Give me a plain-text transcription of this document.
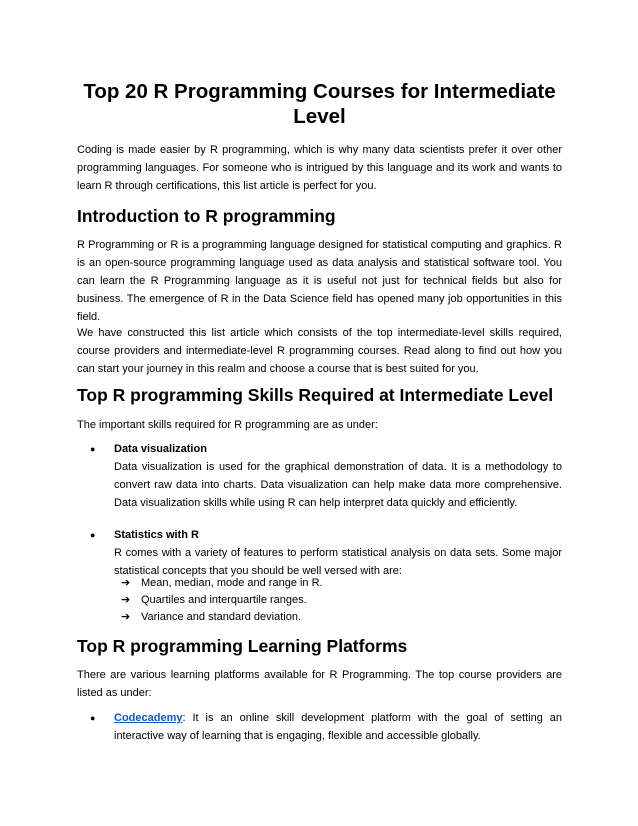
Top 20 R Programming Courses for Intermediate Level

Coding is made easier by R programming, which is why many data scientists prefer it over other programming languages. For someone who is intrigued by this language and its work and wants to learn R through certifications, this list article is perfect for you.

Introduction to R programming

R Programming or R is a programming language designed for statistical computing and graphics. R is an open-source programming language used as data analysis and statistical software tool. You can learn the R Programming language as it is useful not just for technical fields but also for business. The emergence of R in the Data Science field has opened many job opportunities in this field.

We have constructed this list article which consists of the top intermediate-level skills required, course providers and intermediate-level R programming courses. Read along to find out how you can start your journey in this realm and choose a course that is best suited for you.

Top R programming Skills Required at Intermediate Level

The important skills required for R programming are as under:

● Data visualization
Data visualization is used for the graphical demonstration of data. It is a methodology to convert raw data into charts. Data visualization can help make data more comprehensive. Data visualization skills while using R can help interpret data quickly and efficiently.
● Statistics with R
R comes with a variety of features to perform statistical analysis on data sets. Some major statistical concepts that you should be well versed with are:
➔ Mean, median, mode and range in R.
➔ Quartiles and interquartile ranges.
➔ Variance and standard deviation.
Top R programming Learning Platforms

There are various learning platforms available for R Programming. The top course providers are listed as under:

● Codecademy: It is an online skill development platform with the goal of setting an interactive way of learning that is engaging, flexible and accessible globally.
